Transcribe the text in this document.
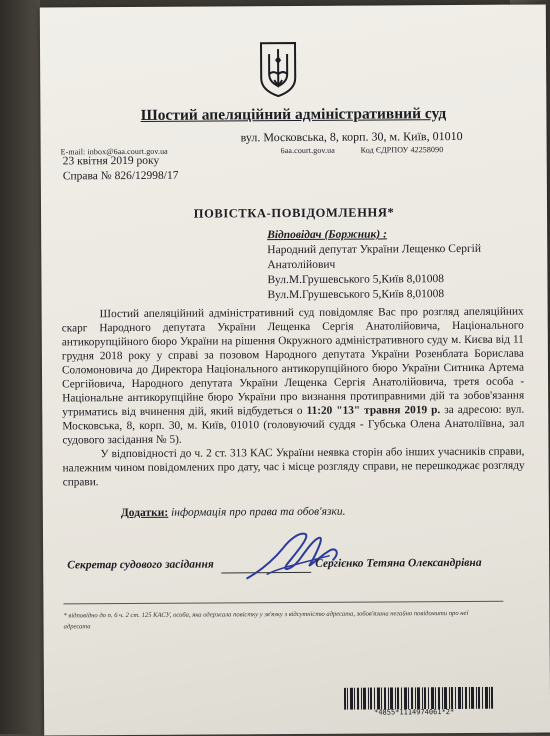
Шостий апеляційний адміністративний суд
вул. Московська, 8, корп. 30, м. Київ, 01010
E-mail: inbox@6aa.court.gov.ua	6aa.court.gov.ua	Код ЄДРПОУ 42258090
23 квітня 2019 року
Справа № 826/12998/17
ПОВІСТКА-ПОВІДОМЛЕННЯ*
Відповідач (Боржник) :
Народний депутат України Лещенко Сергій
Анатолійович
Вул.М.Грушевського 5,Київ 8,01008
Вул.М.Грушевського 5,Київ 8,01008

Шостий апеляційний адміністративний суд повідомляє Вас про розгляд апеляційних скарг Народного депутата України Лещенка Сергія Анатолійовича, Національного антикорупційного бюро України на рішення Окружного адміністративного суду м. Києва від 11 грудня 2018 року у справі за позовом Народного депутата України Розенблата Борислава Соломоновича до Директора Національного антикорупційного бюро України Ситника Артема Сергійовича, Народного депутата України Лещенка Сергія Анатолійовича, третя особа - Національне антикорупційне бюро України про визнання протиправними дій та зобов'язання утриматись від вчинення дій, який відбудеться о 11:20 "13" травня 2019 р. за адресою: вул. Московська, 8, корп. 30, м. Київ, 01010 (головуючий суддя - Губська Олена Анатоліївна, зал судового засідання № 5).

У відповідності до ч. 2 ст. 313 КАС України неявка сторін або інших учасників справи, належним чином повідомлених про дату, час і місце розгляду справи, не перешкоджає розгляду справи.

Додатки: інформація про права та обов'язки.
Секретар судового засідання	Сергієнко Тетяна Олександрівна
* відповідно до п. 6 ч. 2 ст. 125 КАСУ, особа, яка одержала повістку у зв'язку з відсутністю адресата, зобов'язана негайно повідомити про неї адресата
*4855*1114974061*2*
